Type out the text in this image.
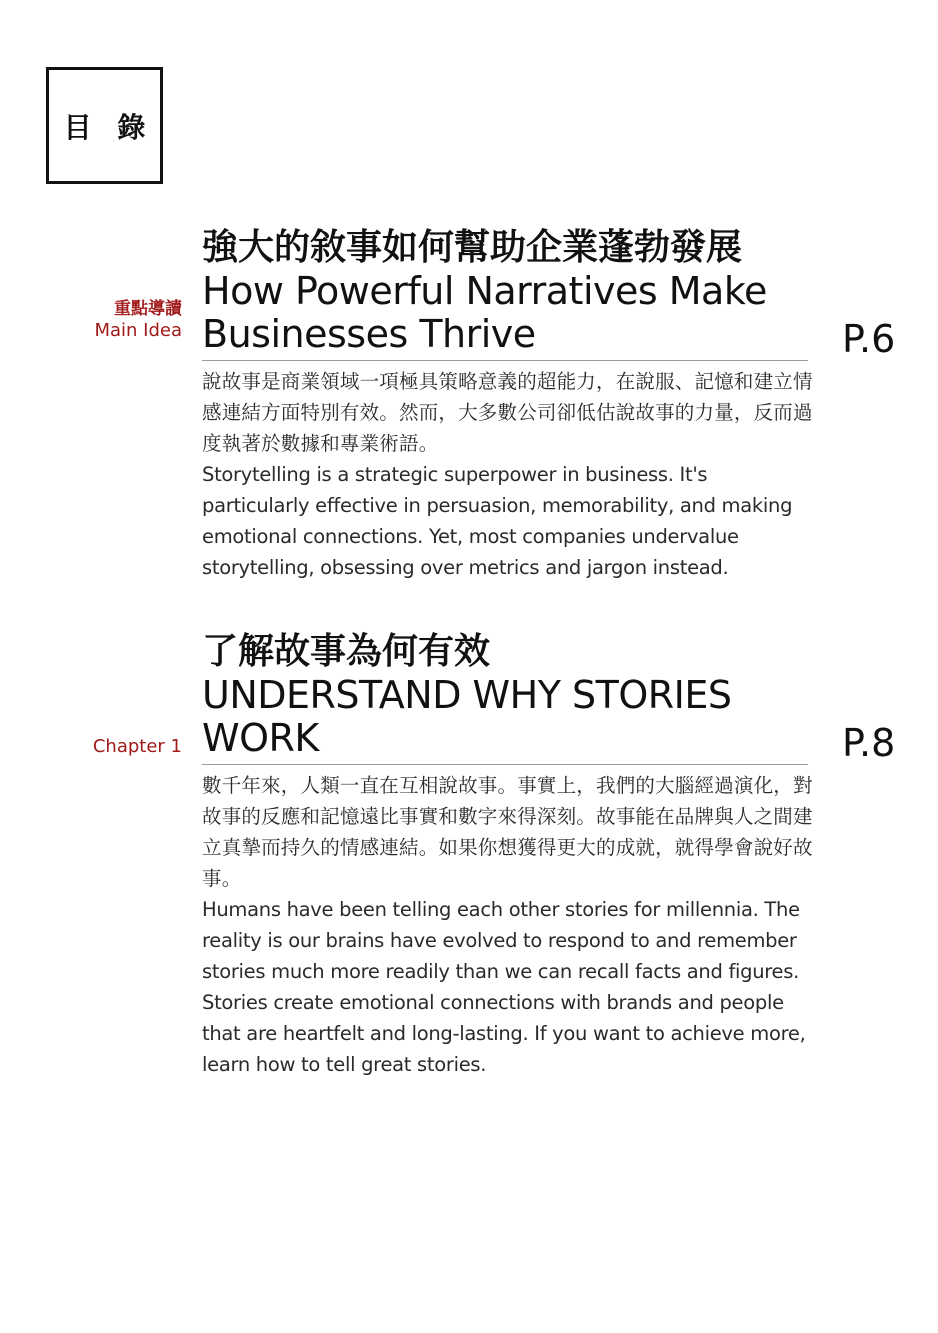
目 錄
重點導讀
Main Idea
強大的敘事如何幫助企業蓬勃發展
How Powerful Narratives Make Businesses Thrive	P.6
說故事是商業領域一項極具策略意義的超能力，在說服、記憶和建立情感連結方面特別有效。然而，大多數公司卻低估說故事的力量，反而過度執著於數據和專業術語。
Storytelling is a strategic superpower in business. It's particularly effective in persuasion, memorability, and making emotional connections. Yet, most companies undervalue storytelling, obsessing over metrics and jargon instead.
Chapter 1
了解故事為何有效
UNDERSTAND WHY STORIES WORK	P.8
數千年來，人類一直在互相說故事。事實上，我們的大腦經過演化，對故事的反應和記憶遠比事實和數字來得深刻。故事能在品牌與人之間建立真摯而持久的情感連結。如果你想獲得更大的成就，就得學會說好故事。
Humans have been telling each other stories for millennia. The reality is our brains have evolved to respond to and remember stories much more readily than we can recall facts and figures. Stories create emotional connections with brands and people that are heartfelt and long-lasting. If you want to achieve more, learn how to tell great stories.
